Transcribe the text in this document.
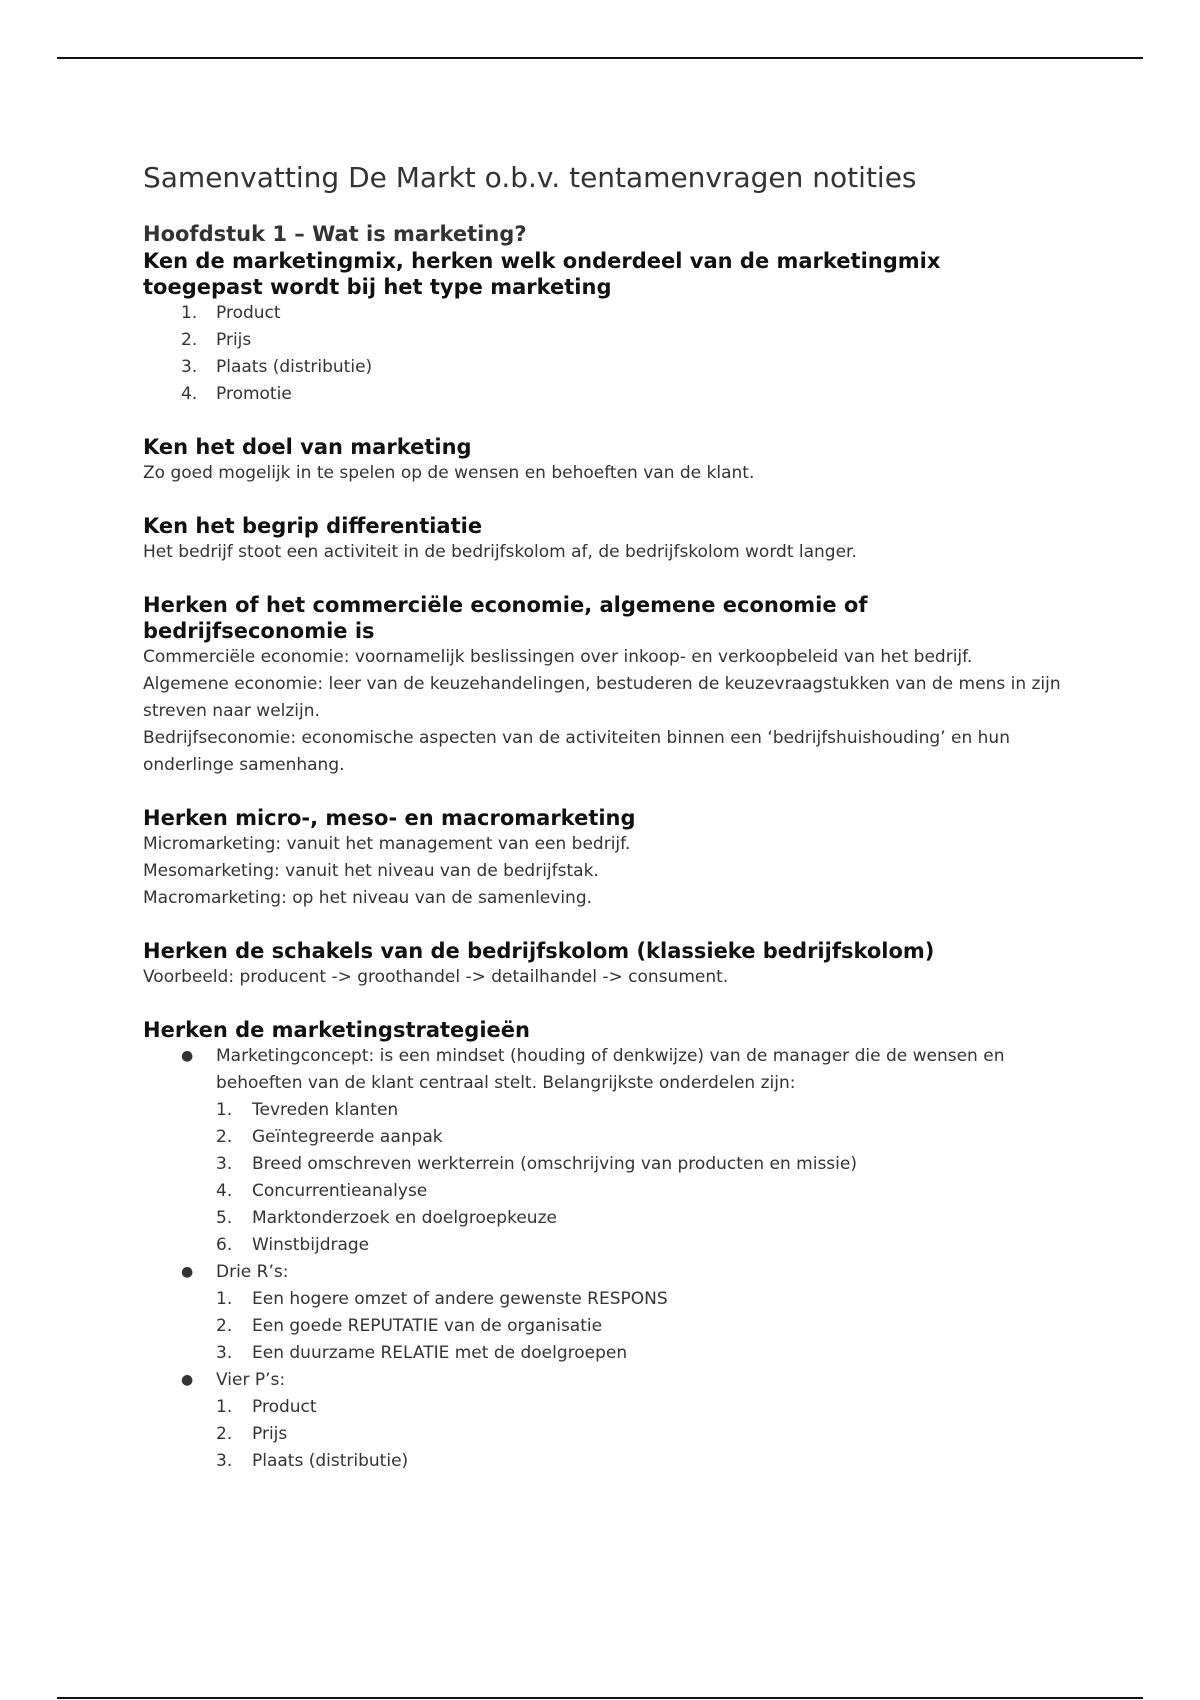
Samenvatting De Markt o.b.v. tentamenvragen notities
Hoofdstuk 1 – Wat is marketing?
Ken de marketingmix, herken welk onderdeel van de marketingmix toegepast wordt bij het type marketing
1. Product
2. Prijs
3. Plaats (distributie)
4. Promotie
Ken het doel van marketing

Zo goed mogelijk in te spelen op de wensen en behoeften van de klant.

Ken het begrip differentiatie

Het bedrijf stoot een activiteit in de bedrijfskolom af, de bedrijfskolom wordt langer.

Herken of het commerciële economie, algemene economie of bedrijfseconomie is

Commerciële economie: voornamelijk beslissingen over inkoop- en verkoopbeleid van het bedrijf.

Algemene economie: leer van de keuzehandelingen, bestuderen de keuzevraagstukken van de mens in zijn streven naar welzijn.

Bedrijfseconomie: economische aspecten van de activiteiten binnen een ‘bedrijfshuishouding’ en hun onderlinge samenhang.

Herken micro-, meso- en macromarketing

Micromarketing: vanuit het management van een bedrijf.

Mesomarketing: vanuit het niveau van de bedrijfstak.

Macromarketing: op het niveau van de samenleving.

Herken de schakels van de bedrijfskolom (klassieke bedrijfskolom)

Voorbeeld: producent -> groothandel -> detailhandel -> consument.

Herken de marketingstrategieën
● Marketingconcept: is een mindset (houding of denkwijze) van de manager die de wensen en behoeften van de klant centraal stelt. Belangrijkste onderdelen zijn:
1. Tevreden klanten
2. Geïntegreerde aanpak
3. Breed omschreven werkterrein (omschrijving van producten en missie)
4. Concurrentieanalyse
5. Marktonderzoek en doelgroepkeuze
6. Winstbijdrage
● Drie R’s:
1. Een hogere omzet of andere gewenste RESPONS
2. Een goede REPUTATIE van de organisatie
3. Een duurzame RELATIE met de doelgroepen
● Vier P’s:
1. Product
2. Prijs
3. Plaats (distributie)
